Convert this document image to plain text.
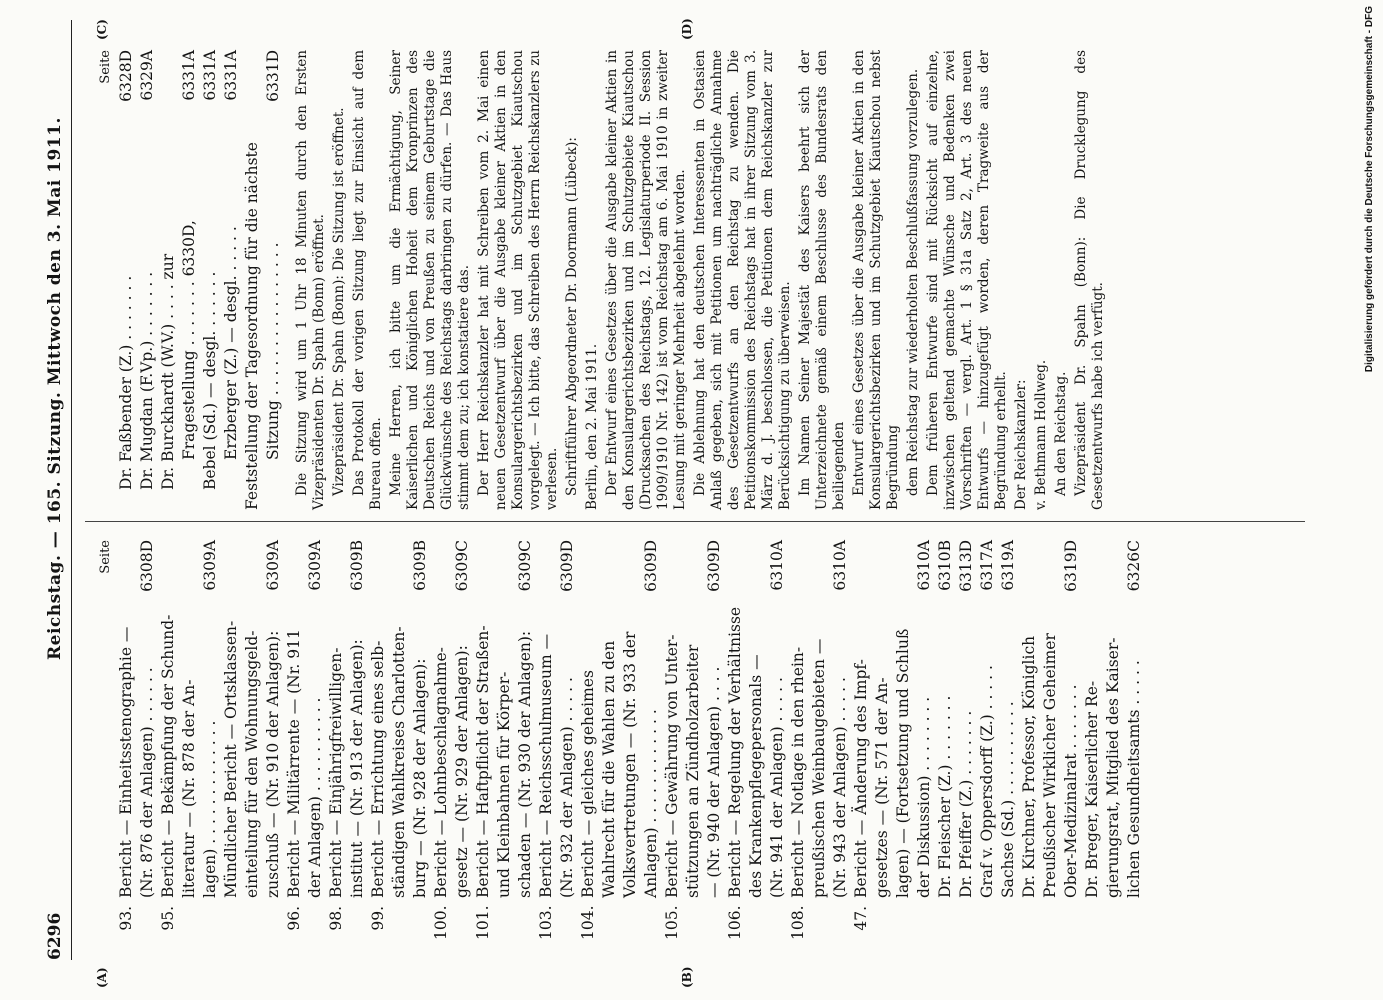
6296
Reichstag. — 165. Sitzung. Mittwoch den 3. Mai 1911.
(A)	(B)
(C)	(D)
Seite
93.Bericht — Einheitsstenographie — (Nr. 876 der Anlagen) . . . . . .
6308D
95.Bericht — Bekämpfung der Schund- literatur — (Nr. 878 der An- lagen) . . . . . . . . . . . . .
6309A
Mündlicher Bericht — Ortsklassen- einteilung für den Wohnungsgeld- zuschuß — (Nr. 910 der Anlagen):
6309A
96.Bericht — Militärrente — (Nr. 911 der Anlagen) . . . . . . . . . .
6309A
98.Bericht — Einjährigfreiwilligen- institut — (Nr. 913 der Anlagen):
6309B
99.Bericht — Errichtung eines selb- ständigen Wahlkreises Charlotten- burg — (Nr. 928 der Anlagen):
6309B
100.Bericht — Lohnbeschlagnahme- gesetz — (Nr. 929 der Anlagen):
6309C
101.Bericht — Haftpflicht der Straßen- und Kleinbahnen für Körper- schaden — (Nr. 930 der Anlagen):
6309C
103.Bericht — Reichsschulmuseum — (Nr. 932 der Anlagen) . . . . .
6309D
104.Bericht — gleiches geheimes Wahlrecht für die Wahlen zu den Volksvertretungen — (Nr. 933 der Anlagen) . . . . . . . . . . . .
6309D
105.Bericht — Gewährung von Unter- stützungen an Zündholzarbeiter — (Nr. 940 der Anlagen) . . . .
6309D
106.Bericht — Regelung der Verhältnisse des Krankenpflegepersonals — (Nr. 941 der Anlagen) . . . . .
6310A
108.Bericht — Notlage in den rhein- preußischen Weinbaugebieten — (Nr. 943 der Anlagen) . . . . .
6310A
47.Bericht — Änderung des Impf- gesetzes — (Nr. 571 der An- lagen) — (Fortsetzung und Schluß der Diskussion) . . . . . . . .
6310A
Dr. Fleischer (Z.) . . . . . . .
6310B
Dr. Pfeiffer (Z.) . . . . . . .
6313D
Graf v. Oppersdorff (Z.) . . . . .
6317A
Sachse (Sd.) . . . . . . . . . .
6319A
Dr. Kirchner, Professor, Königlich Preußischer Wirklicher Geheimer Ober-Medizinalrat . . . . . . .
6319D
Dr. Breger, Kaiserlicher Re- gierungsrat, Mitglied des Kaiser- lichen Gesundheitsamts . . . . .
6326C
Seite
Dr. Faßbender (Z.) . . . . . . .
6328D
Dr. Mugdan (F.Vp.) . . . . . . .
6329A
Dr. Burckhardt (W.V.) . . . . zur Fragestellung . . . . . . . 6330D,
6331A
Bebel (Sd.) — desgl. . . . . . .
6331A
Erzberger (Z.) — desgl. . . . . .
6331A
Feststellung der Tagesordnung für die nächste Sitzung . . . . . . . . . . . . . . . .
6331D Die Sitzung wird um 1 Uhr 18 Minuten durch den Ersten Vizepräsidenten Dr. Spahn (Bonn) eröffnet. Vizepräsident Dr. Spahn (Bonn): Die Sitzung ist eröffnet. Das Protokoll der vorigen Sitzung liegt zur Einsicht auf dem Bureau offen. Meine Herren, ich bitte um die Ermächtigung, Seiner Kaiserlichen und Königlichen Hoheit dem Kronprinzen des Deutschen Reichs und von Preußen zu seinem Geburtstage die Glückwünsche des Reichstags darbringen zu dürfen. — Das Haus stimmt dem zu; ich konstatiere das. Der Herr Reichskanzler hat mit Schreiben vom 2. Mai einen neuen Gesetzentwurf über die Ausgabe kleiner Aktien in den Konsulargerichtsbezirken und im Schutzgebiet Kiautschou vorgelegt. — Ich bitte, das Schreiben des Herrn Reichskanzlers zu verlesen. Schriftführer Abgeordneter Dr. Doormann (Lübeck): Berlin, den 2. Mai 1911. Der Entwurf eines Gesetzes über die Ausgabe kleiner Aktien in den Konsulargerichtsbezirken und im Schutzgebiete Kiautschou (Drucksachen des Reichstags, 12. Legislaturperiode II. Session 1909/1910 Nr. 142) ist vom Reichstag am 6. Mai 1910 in zweiter Lesung mit geringer Mehrheit abgelehnt worden. Die Ablehnung hat den deutschen Interessenten in Ostasien Anlaß gegeben, sich mit Petitionen um nachträgliche Annahme des Gesetzentwurfs an den Reichstag zu wenden. Die Petitionskommission des Reichstags hat in ihrer Sitzung vom 3. März d. J. beschlossen, die Petitionen dem Reichskanzler zur Berücksichtigung zu überweisen. Im Namen Seiner Majestät des Kaisers beehrt sich der Unterzeichnete gemäß einem Beschlusse des Bundesrats den beiliegenden Entwurf eines Gesetzes über die Ausgabe kleiner Aktien in den Konsulargerichtsbezirken und im Schutzgebiet Kiautschou nebst Begründung dem Reichstag zur wiederholten Beschlußfassung vorzulegen. Dem früheren Entwurfe sind mit Rücksicht auf einzelne, inzwischen geltend gemachte Wünsche und Bedenken zwei Vorschriften — vergl. Art. 1 § 31a Satz 2, Art. 3 des neuen Entwurfs — hinzugefügt worden, deren Tragweite aus der Begründung erhellt. Der Reichskanzler: v. Bethmann Hollweg. An den Reichstag. Vizepräsident Dr. Spahn (Bonn): Die Drucklegung des Gesetzentwurfs habe ich verfügt.
Digitalisierung gefördert durch die Deutsche Forschungsgemeinschaft - DFG
